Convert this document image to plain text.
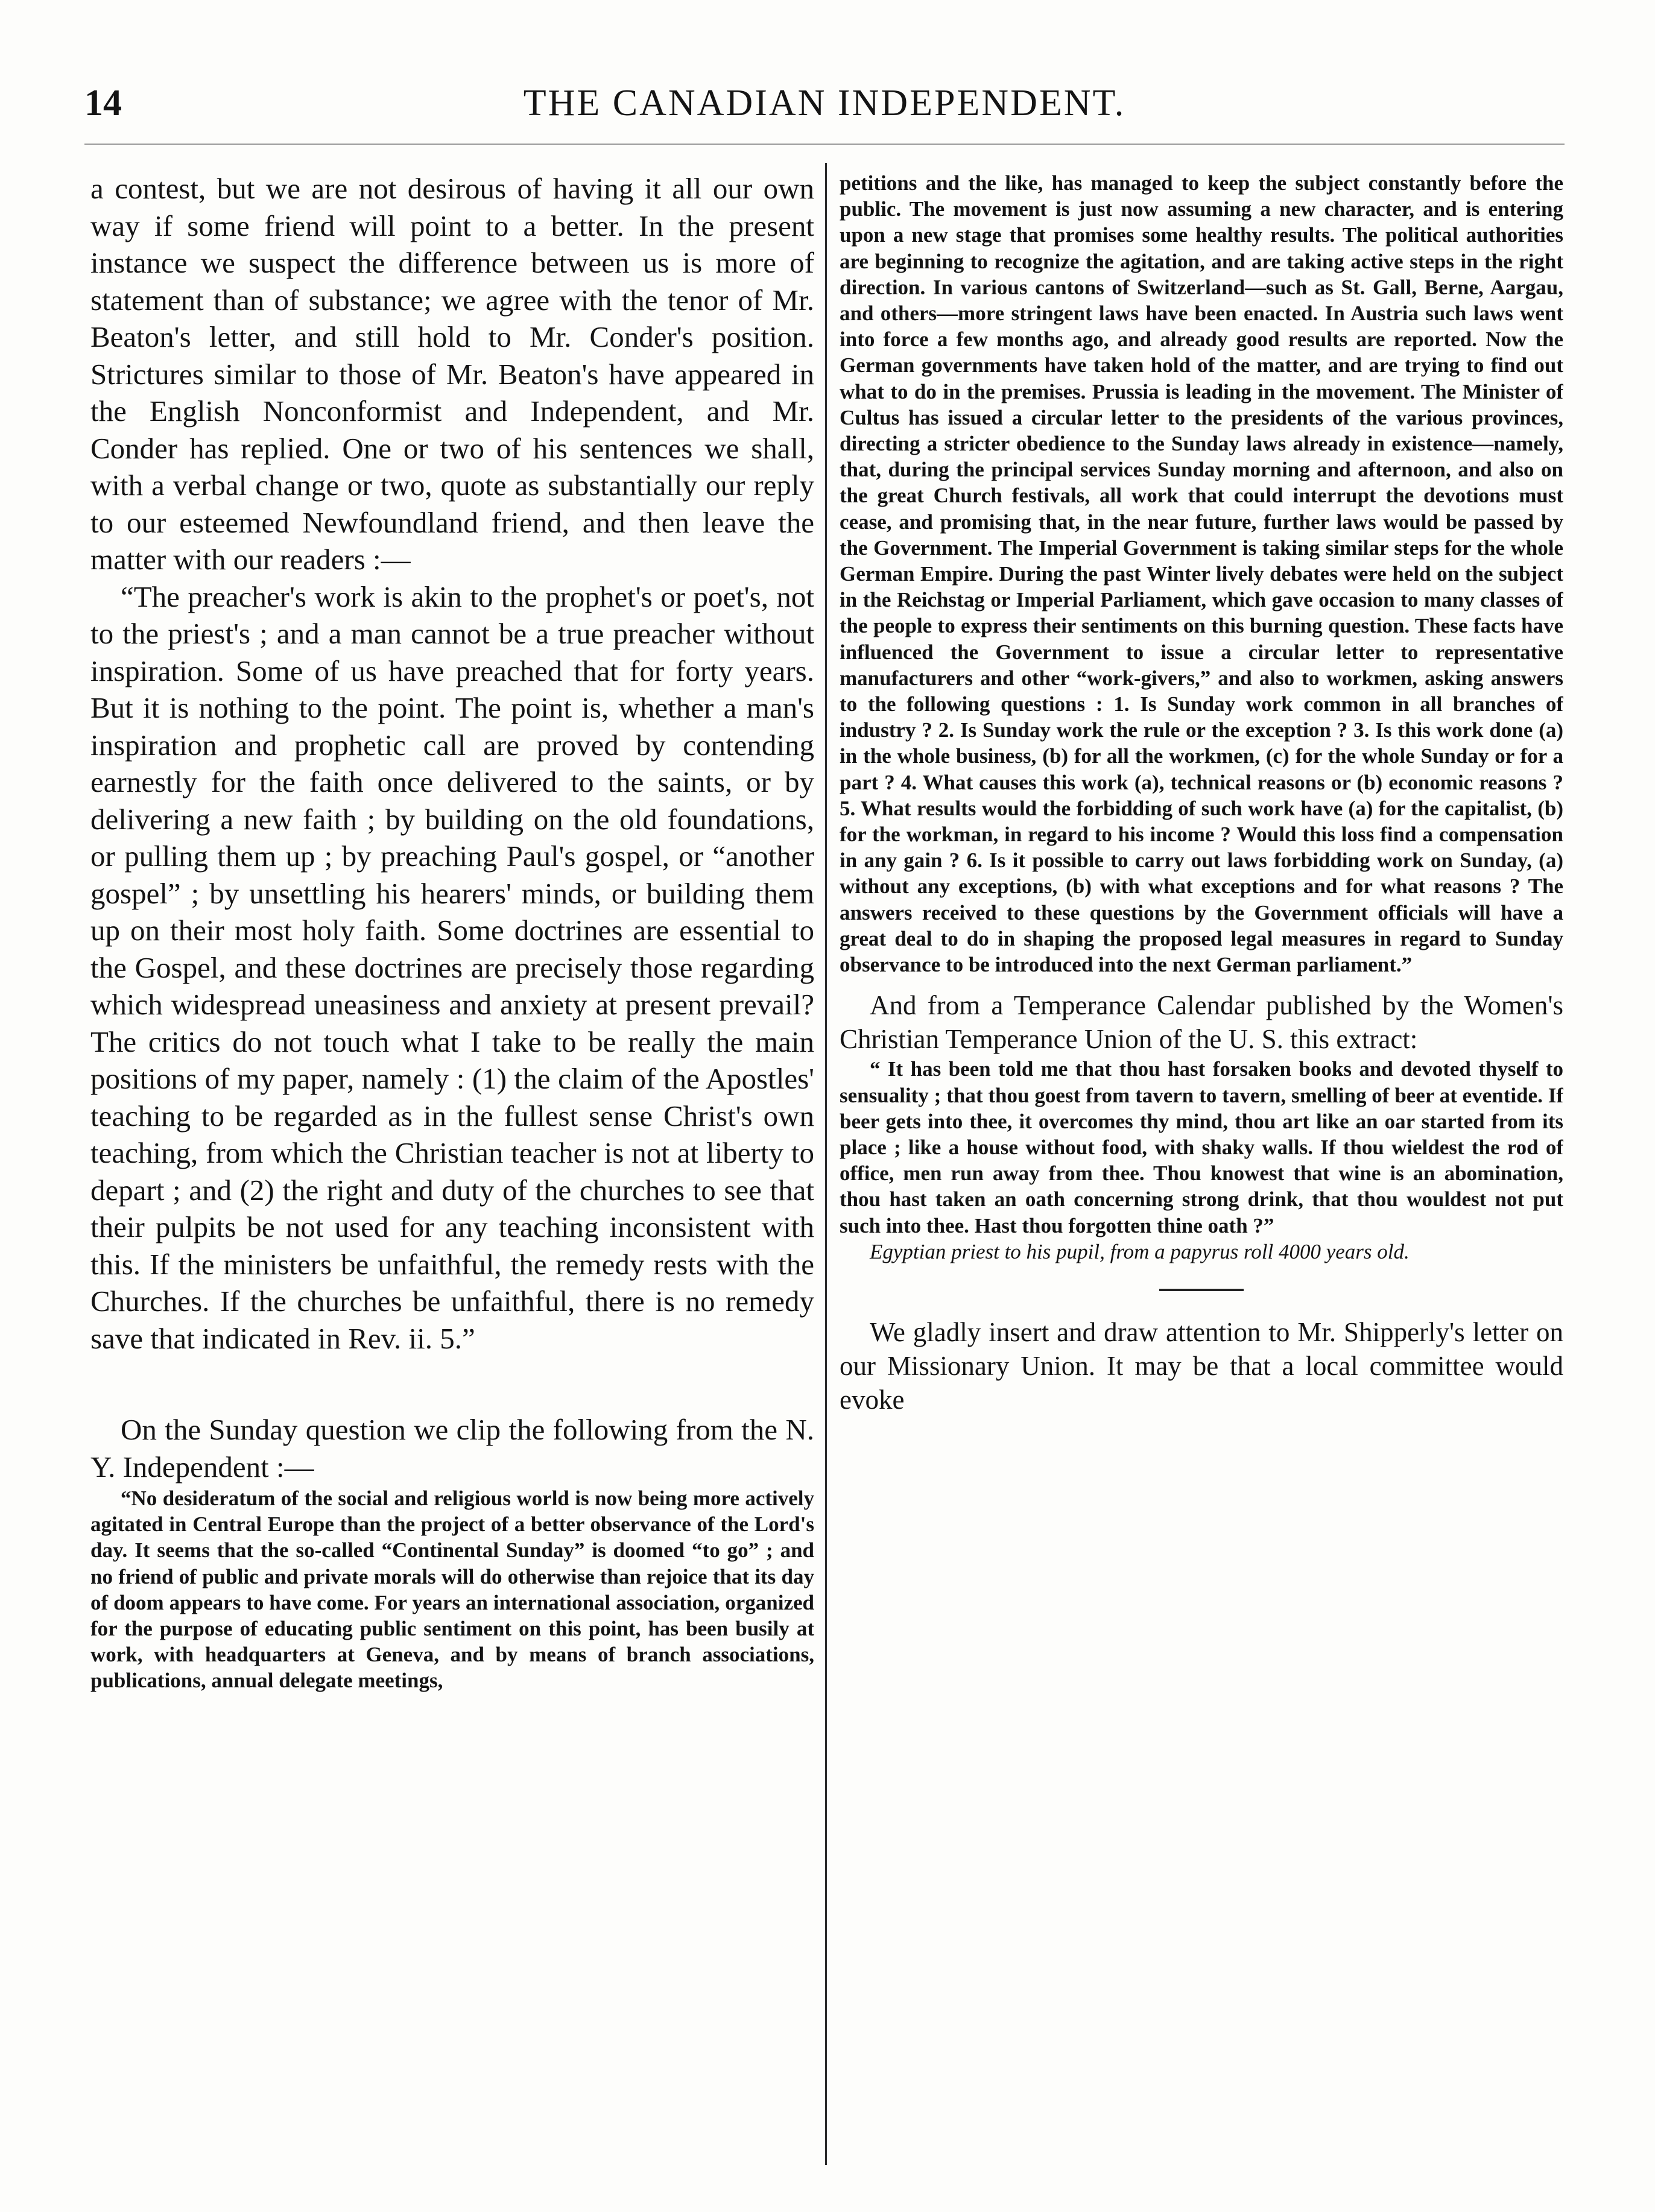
14	THE CANADIAN INDEPENDENT.

a contest, but we are not desirous of having it all our own way if some friend will point to a better. In the present instance we suspect the difference between us is more of statement than of substance; we agree with the tenor of Mr. Beaton's letter, and still hold to Mr. Conder's position. Strictures similar to those of Mr. Beaton's have appeared in the English Nonconformist and Independent, and Mr. Conder has replied. One or two of his sentences we shall, with a verbal change or two, quote as substantially our reply to our esteemed Newfoundland friend, and then leave the matter with our readers :—

“The preacher's work is akin to the prophet's or poet's, not to the priest's ; and a man cannot be a true preacher without inspiration. Some of us have preached that for forty years. But it is nothing to the point. The point is, whether a man's inspiration and prophetic call are proved by contending earnestly for the faith once delivered to the saints, or by delivering a new faith ; by building on the old foundations, or pulling them up ; by preaching Paul's gospel, or “another gospel” ; by unsettling his hearers' minds, or building them up on their most holy faith. Some doctrines are essential to the Gospel, and these doctrines are precisely those regarding which widespread uneasiness and anxiety at present prevail? The critics do not touch what I take to be really the main positions of my paper, namely : (1) the claim of the Apostles' teaching to be regarded as in the fullest sense Christ's own teaching, from which the Christian teacher is not at liberty to depart ; and (2) the right and duty of the churches to see that their pulpits be not used for any teaching inconsistent with this. If the ministers be unfaithful, the remedy rests with the Churches. If the churches be unfaithful, there is no remedy save that indicated in Rev. ii. 5.”

On the Sunday question we clip the following from the N. Y. Independent :—

“No desideratum of the social and religious world is now being more actively agitated in Central Europe than the project of a better observance of the Lord's day. It seems that the so-called “Continental Sunday” is doomed “to go” ; and no friend of public and private morals will do otherwise than rejoice that its day of doom appears to have come. For years an international association, organized for the purpose of educating public sentiment on this point, has been busily at work, with headquarters at Geneva, and by means of branch associations, publications, annual delegate meetings,

petitions and the like, has managed to keep the subject constantly before the public. The movement is just now assuming a new character, and is entering upon a new stage that promises some healthy results. The political authorities are beginning to recognize the agitation, and are taking active steps in the right direction. In various cantons of Switzerland—such as St. Gall, Berne, Aargau, and others—more stringent laws have been enacted. In Austria such laws went into force a few months ago, and already good results are reported. Now the German governments have taken hold of the matter, and are trying to find out what to do in the premises. Prussia is leading in the movement. The Minister of Cultus has issued a circular letter to the presidents of the various provinces, directing a stricter obedience to the Sunday laws already in existence—namely, that, during the principal services Sunday morning and afternoon, and also on the great Church festivals, all work that could interrupt the devotions must cease, and promising that, in the near future, further laws would be passed by the Government. The Imperial Government is taking similar steps for the whole German Empire. During the past Winter lively debates were held on the subject in the Reichstag or Imperial Parliament, which gave occasion to many classes of the people to express their sentiments on this burning question. These facts have influenced the Government to issue a circular letter to representative manufacturers and other “work-givers,” and also to workmen, asking answers to the following questions : 1. Is Sunday work common in all branches of industry ? 2. Is Sunday work the rule or the exception ? 3. Is this work done (a) in the whole business, (b) for all the workmen, (c) for the whole Sunday or for a part ? 4. What causes this work (a), technical reasons or (b) economic reasons ? 5. What results would the forbidding of such work have (a) for the capitalist, (b) for the workman, in regard to his income ? Would this loss find a compensation in any gain ? 6. Is it possible to carry out laws forbidding work on Sunday, (a) without any exceptions, (b) with what exceptions and for what reasons ? The answers received to these questions by the Government officials will have a great deal to do in shaping the proposed legal measures in regard to Sunday observance to be introduced into the next German parliament.”

And from a Temperance Calendar published by the Women's Christian Temperance Union of the U. S. this extract:

“ It has been told me that thou hast forsaken books and devoted thyself to sensuality ; that thou goest from tavern to tavern, smelling of beer at eventide. If beer gets into thee, it overcomes thy mind, thou art like an oar started from its place ; like a house without food, with shaky walls. If thou wieldest the rod of office, men run away from thee. Thou knowest that wine is an abomination, thou hast taken an oath concerning strong drink, that thou wouldest not put such into thee. Hast thou forgotten thine oath ?”

Egyptian priest to his pupil, from a papyrus roll 4000 years old.

We gladly insert and draw attention to Mr. Shipperly's letter on our Missionary Union. It may be that a local committee would evoke
